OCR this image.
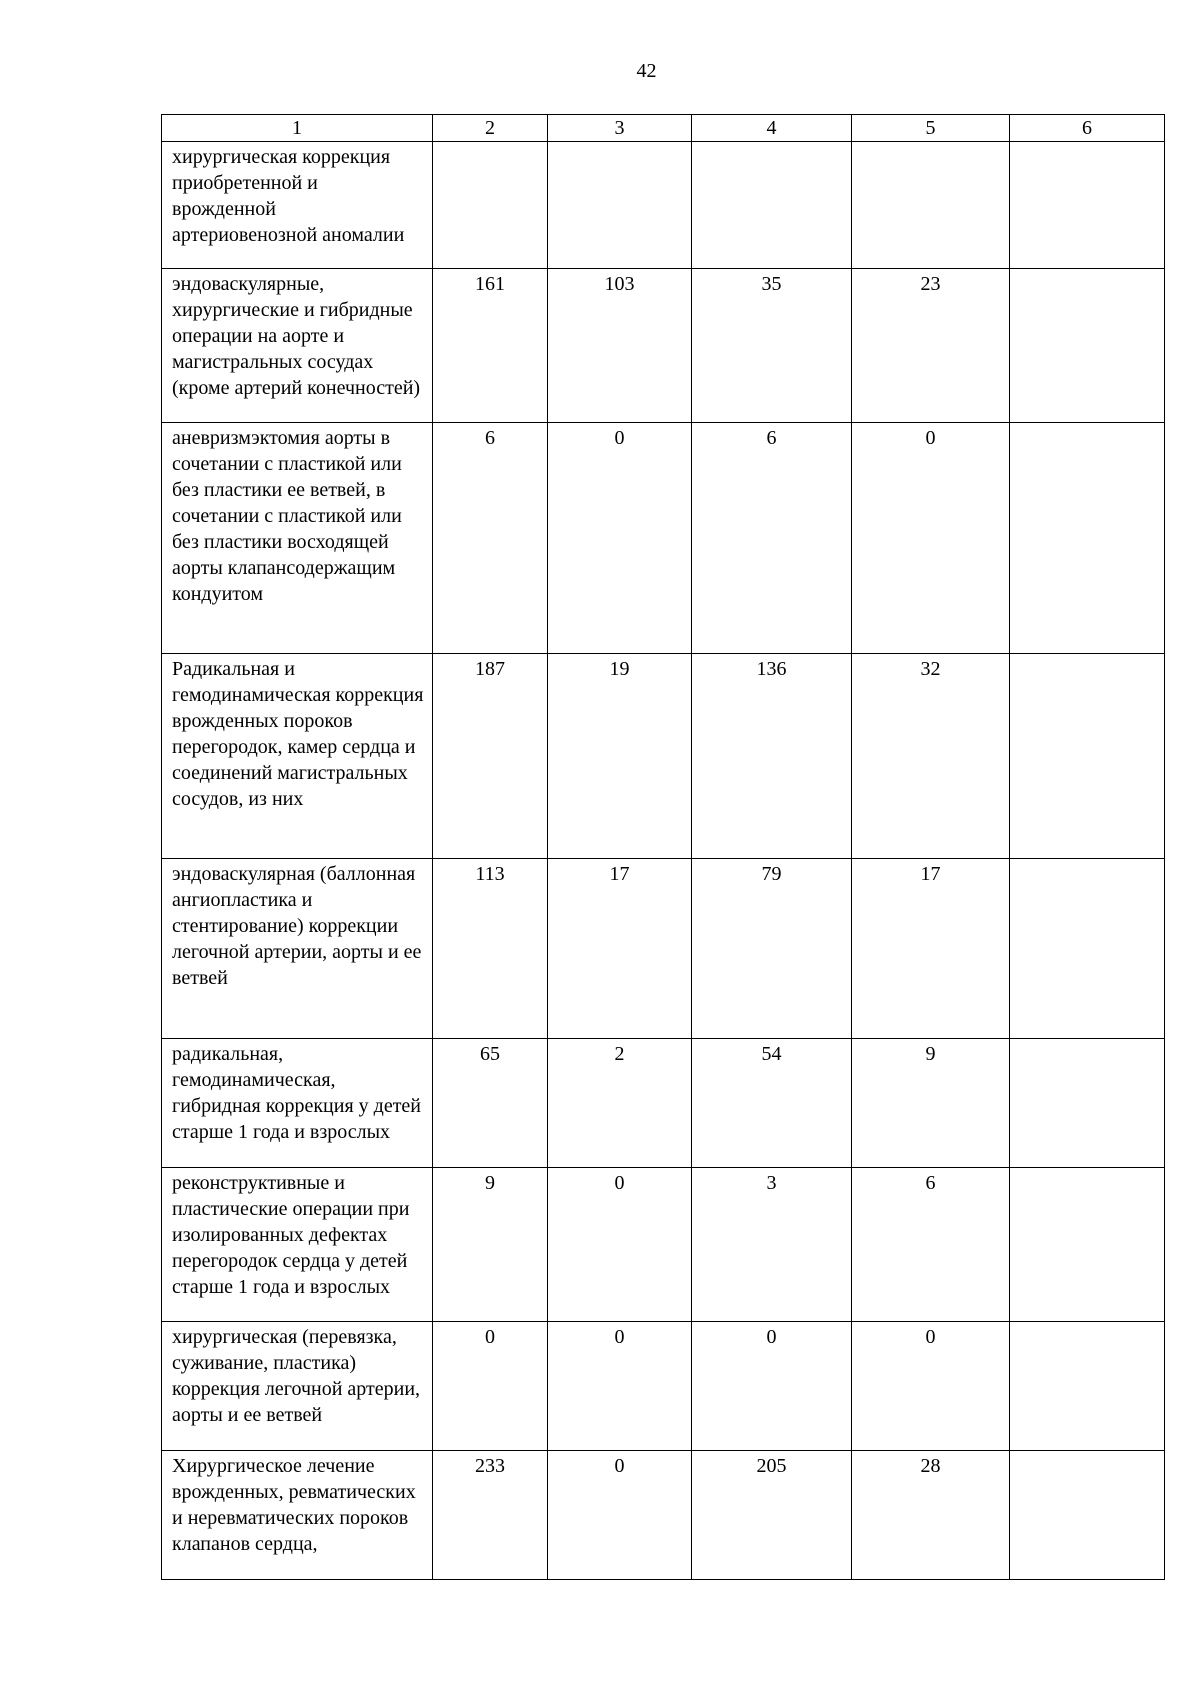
42
1	2	3	4	5	6
хирургическая коррекция приобретенной и врожденной артериовенозной аномалии					
эндоваскулярные, хирургические и гибридные операции на аорте и магистральных сосудах (кроме артерий конечностей)	161	103	35	23	
аневризмэктомия аорты в сочетании с пластикой или без пластики ее ветвей, в сочетании с пластикой или без пластики восходящей аорты клапансодержащим кондуитом	6	0	6	0	
Радикальная и гемодинамическая коррекция врожденных пороков перегородок, камер сердца и соединений магистральных сосудов, из них	187	19	136	32	
эндоваскулярная (баллонная ангиопластика и стентирование) коррекции легочной артерии, аорты и ее ветвей	113	17	79	17	
радикальная, гемодинамическая, гибридная коррекция у детей старше 1 года и взрослых	65	2	54	9	
реконструктивные и пластические операции при изолированных дефектах перегородок сердца у детей старше 1 года и взрослых	9	0	3	6	
хирургическая (перевязка, суживание, пластика) коррекция легочной артерии, аорты и ее ветвей	0	0	0	0	
Хирургическое лечение врожденных, ревматических и неревматических пороков клапанов сердца,	233	0	205	28	
